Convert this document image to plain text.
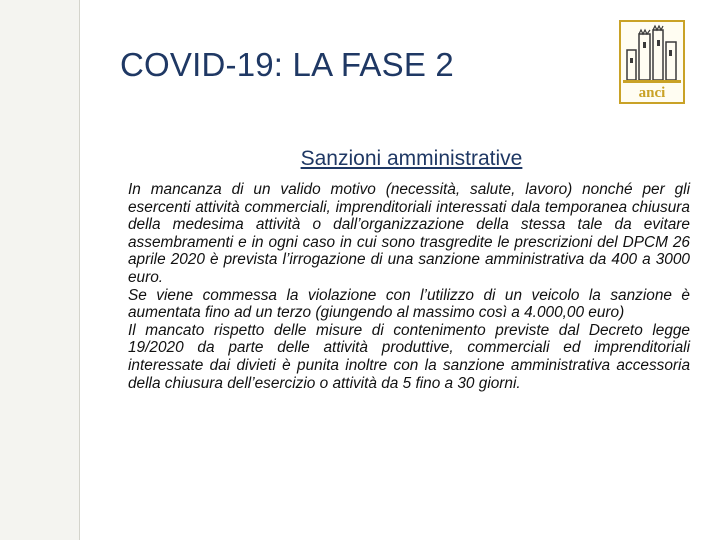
COVID-19: LA FASE 2
anci
Sanzioni amministrative

In mancanza di un valido motivo (necessità, salute, lavoro) nonché per gli esercenti attività commerciali, imprenditoriali interessati dala temporanea chiusura della medesima attività o dall’organizzazione della stessa tale da evitare assembramenti e in ogni caso in cui sono trasgredite le prescrizioni del DPCM 26 aprile 2020 è prevista l’irrogazione di una sanzione amministrativa da 400 a 3000 euro.

Se viene commessa la violazione con l’utilizzo di un veicolo la sanzione è aumentata fino ad un terzo (giungendo al massimo così a 4.000,00 euro)

Il mancato rispetto delle misure di contenimento previste dal Decreto legge 19/2020 da parte delle attività produttive, commerciali ed imprenditoriali interessate dai divieti è punita inoltre con la sanzione amministrativa accessoria della chiusura dell’esercizio o attività da 5 fino a 30 giorni.
